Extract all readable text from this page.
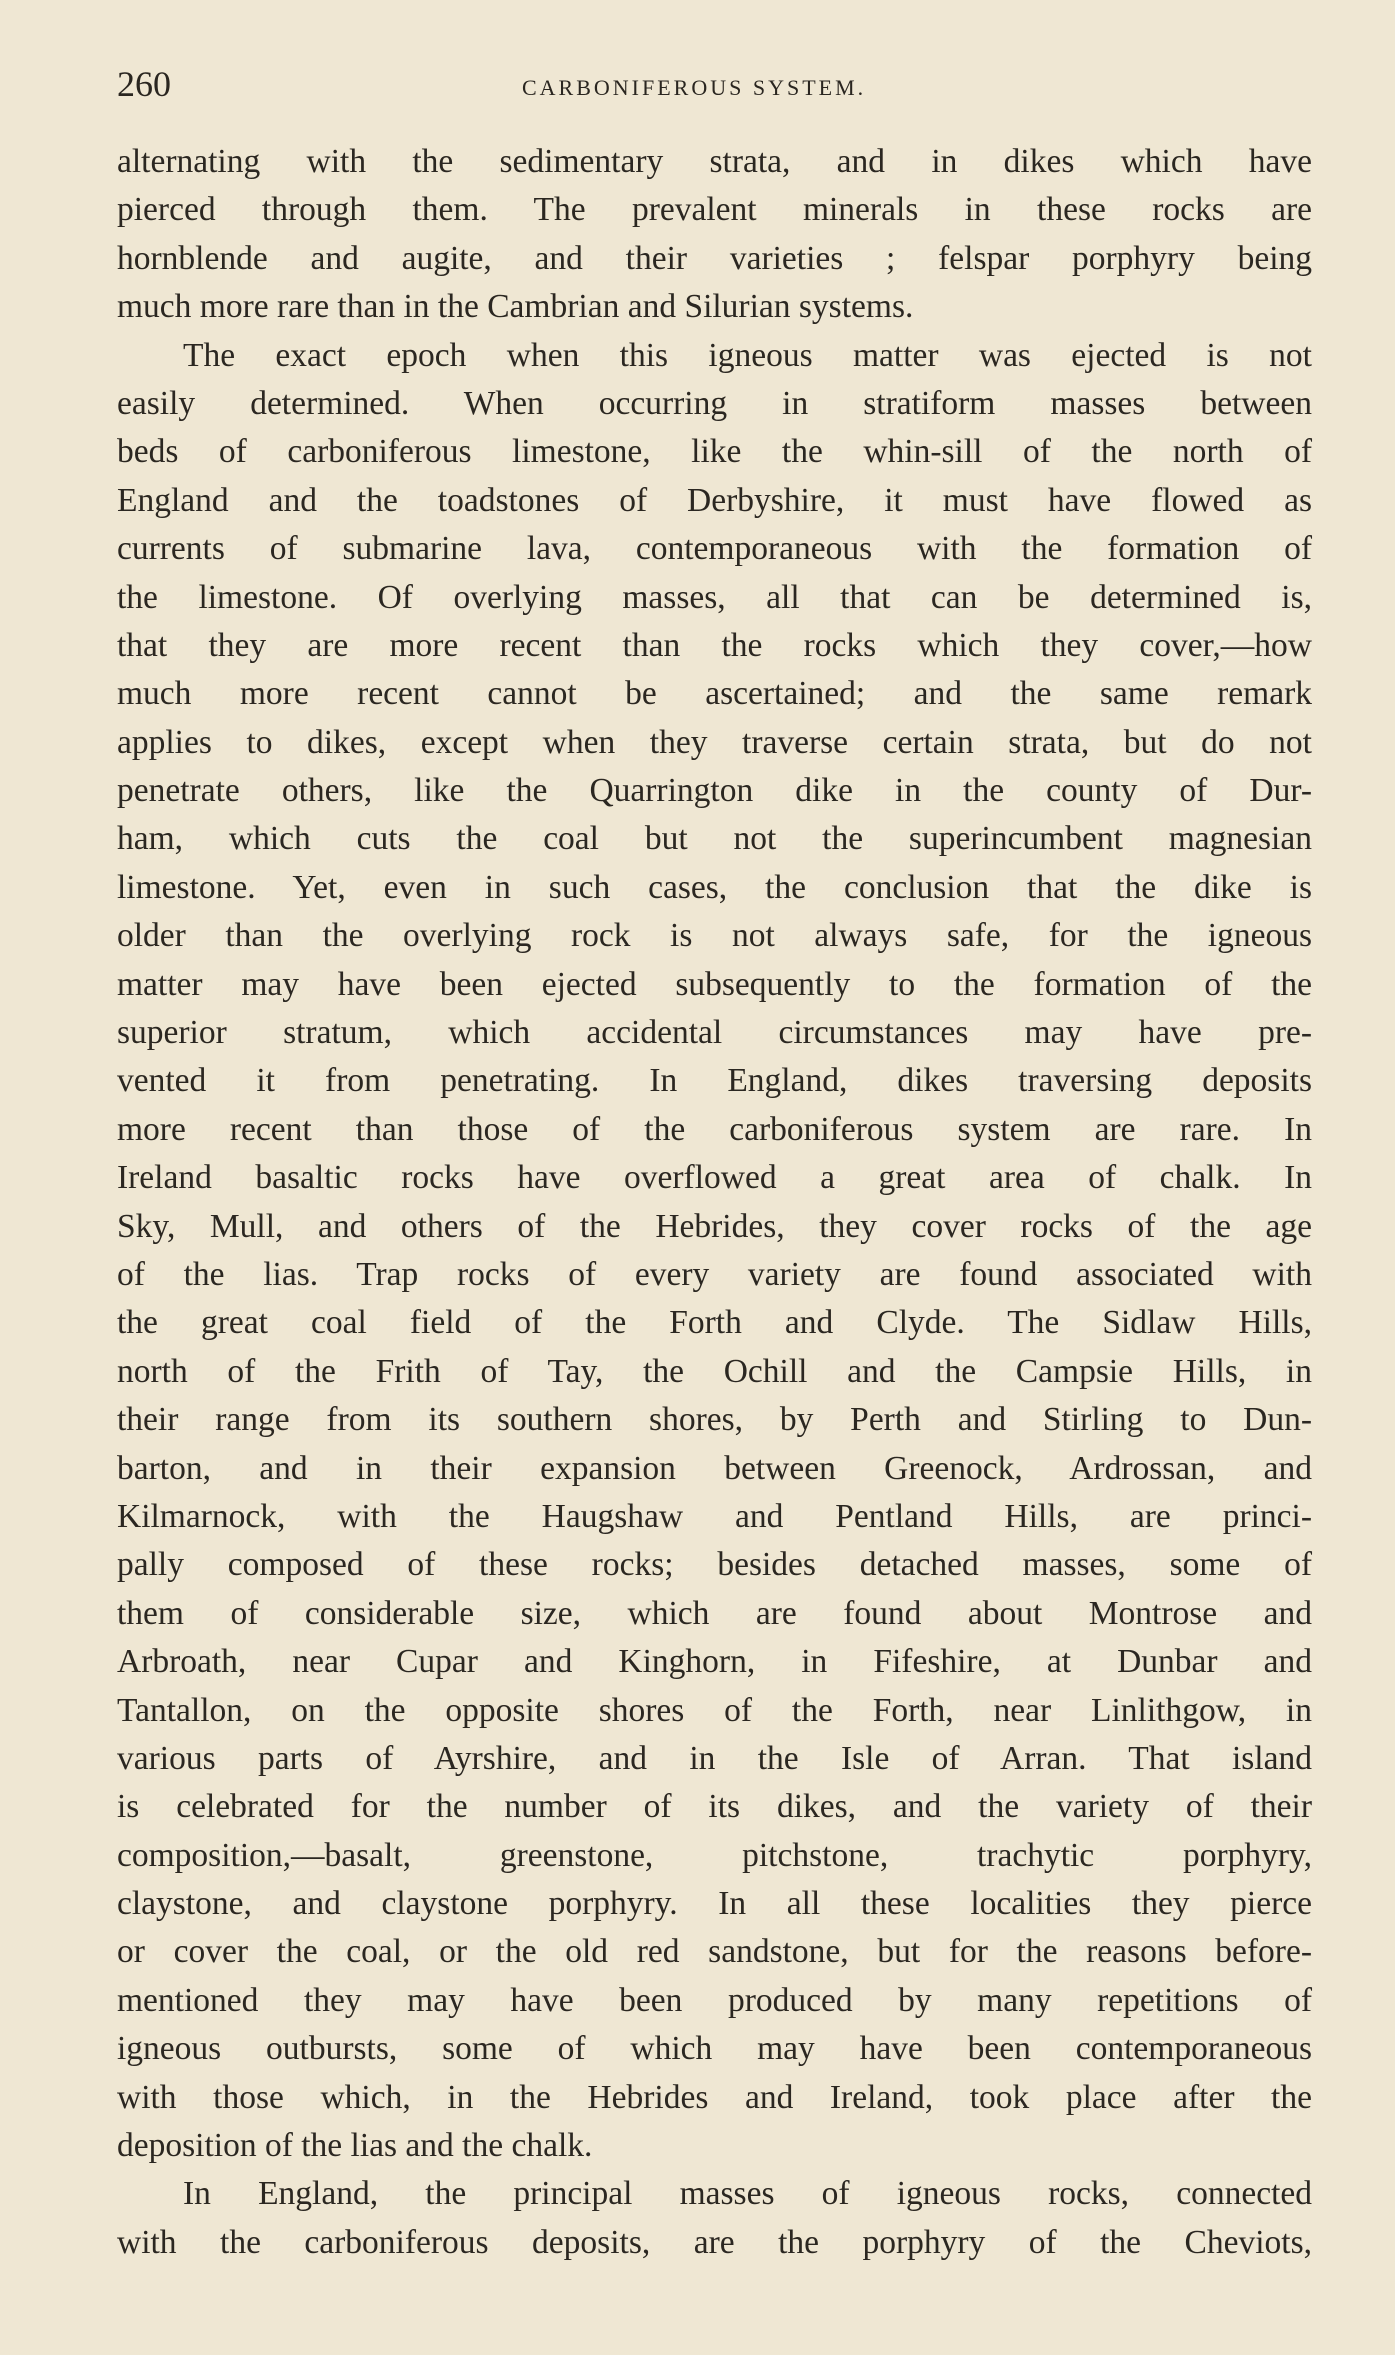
260	CARBONIFEROUS SYSTEM.
alternating with the sedimentary strata, and in dikes which have
pierced through them. The prevalent minerals in these rocks are
hornblende and augite, and their varieties ; felspar porphyry being
much more rare than in the Cambrian and Silurian systems.
The exact epoch when this igneous matter was ejected is not
easily determined. When occurring in stratiform masses between
beds of carboniferous limestone, like the whin-sill of the north of
England and the toadstones of Derbyshire, it must have flowed as
currents of submarine lava, contemporaneous with the formation of
the limestone. Of overlying masses, all that can be determined is,
that they are more recent than the rocks which they cover,—how
much more recent cannot be ascertained; and the same remark
applies to dikes, except when they traverse certain strata, but do not
penetrate others, like the Quarrington dike in the county of Dur-
ham, which cuts the coal but not the superincumbent magnesian
limestone. Yet, even in such cases, the conclusion that the dike is
older than the overlying rock is not always safe, for the igneous
matter may have been ejected subsequently to the formation of the
superior stratum, which accidental circumstances may have pre-
vented it from penetrating. In England, dikes traversing deposits
more recent than those of the carboniferous system are rare. In
Ireland basaltic rocks have overflowed a great area of chalk. In
Sky, Mull, and others of the Hebrides, they cover rocks of the age
of the lias. Trap rocks of every variety are found associated with
the great coal field of the Forth and Clyde. The Sidlaw Hills,
north of the Frith of Tay, the Ochill and the Campsie Hills, in
their range from its southern shores, by Perth and Stirling to Dun-
barton, and in their expansion between Greenock, Ardrossan, and
Kilmarnock, with the Haugshaw and Pentland Hills, are princi-
pally composed of these rocks; besides detached masses, some of
them of considerable size, which are found about Montrose and
Arbroath, near Cupar and Kinghorn, in Fifeshire, at Dunbar and
Tantallon, on the opposite shores of the Forth, near Linlithgow, in
various parts of Ayrshire, and in the Isle of Arran. That island
is celebrated for the number of its dikes, and the variety of their
composition,—basalt, greenstone, pitchstone, trachytic porphyry,
claystone, and claystone porphyry. In all these localities they pierce
or cover the coal, or the old red sandstone, but for the reasons before-
mentioned they may have been produced by many repetitions of
igneous outbursts, some of which may have been contemporaneous
with those which, in the Hebrides and Ireland, took place after the
deposition of the lias and the chalk.
In England, the principal masses of igneous rocks, connected
with the carboniferous deposits, are the porphyry of the Cheviots,
